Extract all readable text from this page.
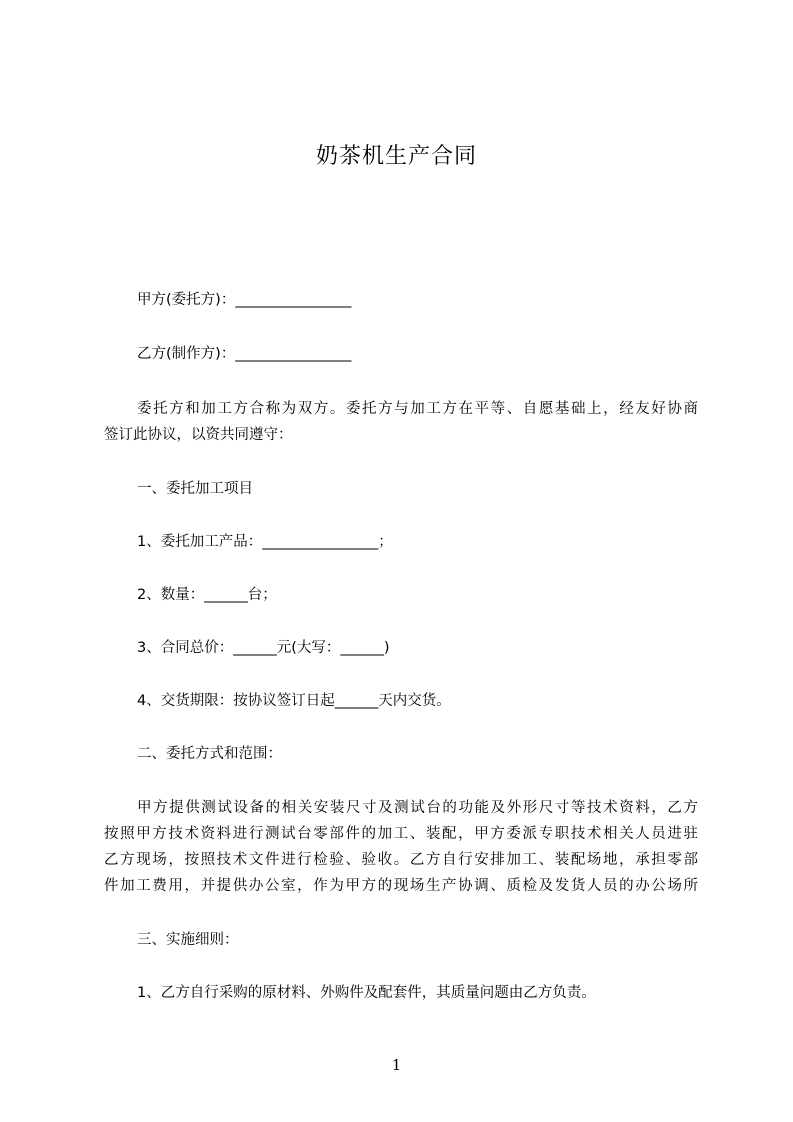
奶茶机生产合同
甲方(委托方)：________________
乙方(制作方)：________________
委托方和加工方合称为双方。委托方与加工方在平等、自愿基础上，经友好协商
签订此协议，以资共同遵守：
一、委托加工项目
1、委托加工产品：________________；
2、数量：______台；
3、合同总价：______元(大写：______)
4、交货期限：按协议签订日起______天内交货。
二、委托方式和范围：
甲方提供测试设备的相关安装尺寸及测试台的功能及外形尺寸等技术资料，乙方
按照甲方技术资料进行测试台零部件的加工、装配，甲方委派专职技术相关人员进驻
乙方现场，按照技术文件进行检验、验收。乙方自行安排加工、装配场地，承担零部
件加工费用，并提供办公室，作为甲方的现场生产协调、质检及发货人员的办公场所
三、实施细则：
1、乙方自行采购的原材料、外购件及配套件，其质量问题由乙方负责。
1
